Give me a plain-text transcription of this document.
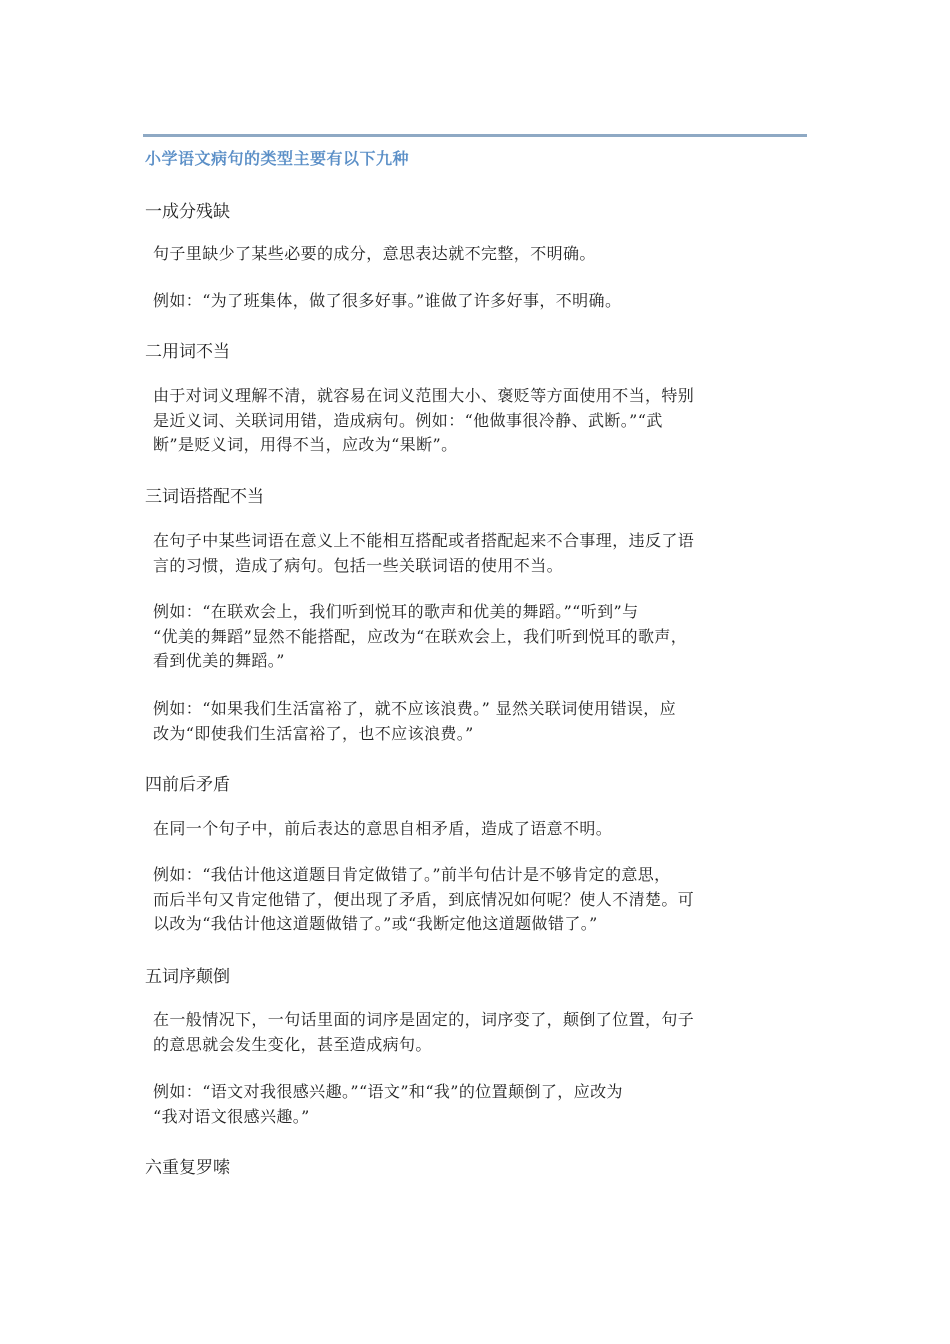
小学语文病句的类型主要有以下九种
一成分残缺
句子里缺少了某些必要的成分，意思表达就不完整，不明确。
例如：“为了班集体，做了很多好事。”谁做了许多好事，不明确。
二用词不当
由于对词义理解不清，就容易在词义范围大小、褒贬等方面使用不当，特别
是近义词、关联词用错，造成病句。例如：“他做事很冷静、武断。”“武
断”是贬义词，用得不当，应改为“果断”。
三词语搭配不当
在句子中某些词语在意义上不能相互搭配或者搭配起来不合事理，违反了语
言的习惯，造成了病句。包括一些关联词语的使用不当。
例如：“在联欢会上，我们听到悦耳的歌声和优美的舞蹈。”“听到”与
“优美的舞蹈”显然不能搭配，应改为“在联欢会上，我们听到悦耳的歌声，
看到优美的舞蹈。”
例如：“如果我们生活富裕了，就不应该浪费。” 显然关联词使用错误，应
改为“即使我们生活富裕了，也不应该浪费。”
四前后矛盾
在同一个句子中，前后表达的意思自相矛盾，造成了语意不明。
例如：“我估计他这道题目肯定做错了。”前半句估计是不够肯定的意思，
而后半句又肯定他错了，便出现了矛盾，到底情况如何呢？使人不清楚。可
以改为“我估计他这道题做错了。”或“我断定他这道题做错了。”
五词序颠倒
在一般情况下，一句话里面的词序是固定的，词序变了，颠倒了位置，句子
的意思就会发生变化，甚至造成病句。
例如：“语文对我很感兴趣。”“语文”和“我”的位置颠倒了，应改为
“我对语文很感兴趣。”
六重复罗嗦
